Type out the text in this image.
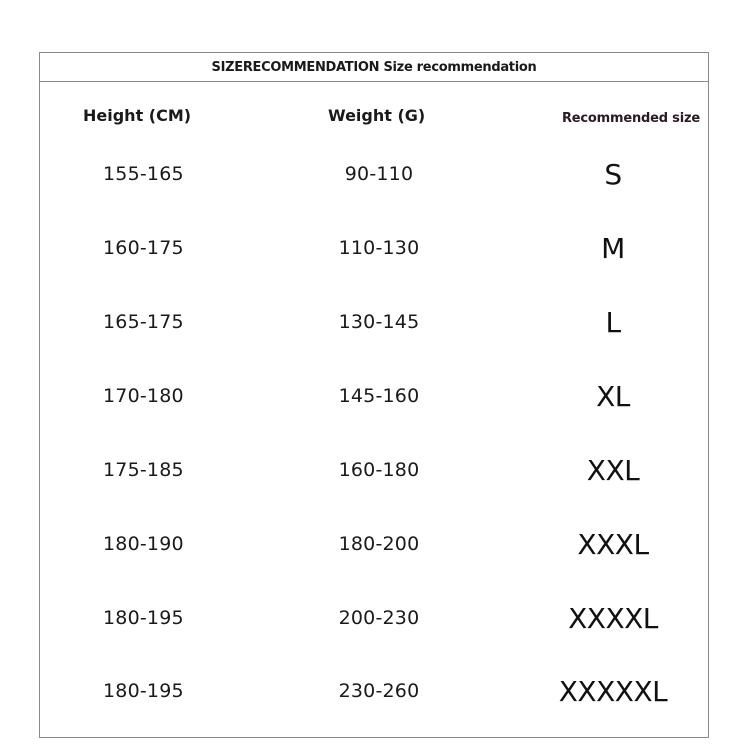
SIZERECOMMENDATION Size recommendation
Height (CM)	Weight (G)	Recommended size
155-165	90-110	S
160-175	110-130	M
165-175	130-145	L
170-180	145-160	XL
175-185	160-180	XXL
180-190	180-200	XXXL
180-195	200-230	XXXXL
180-195	230-260	XXXXXL
